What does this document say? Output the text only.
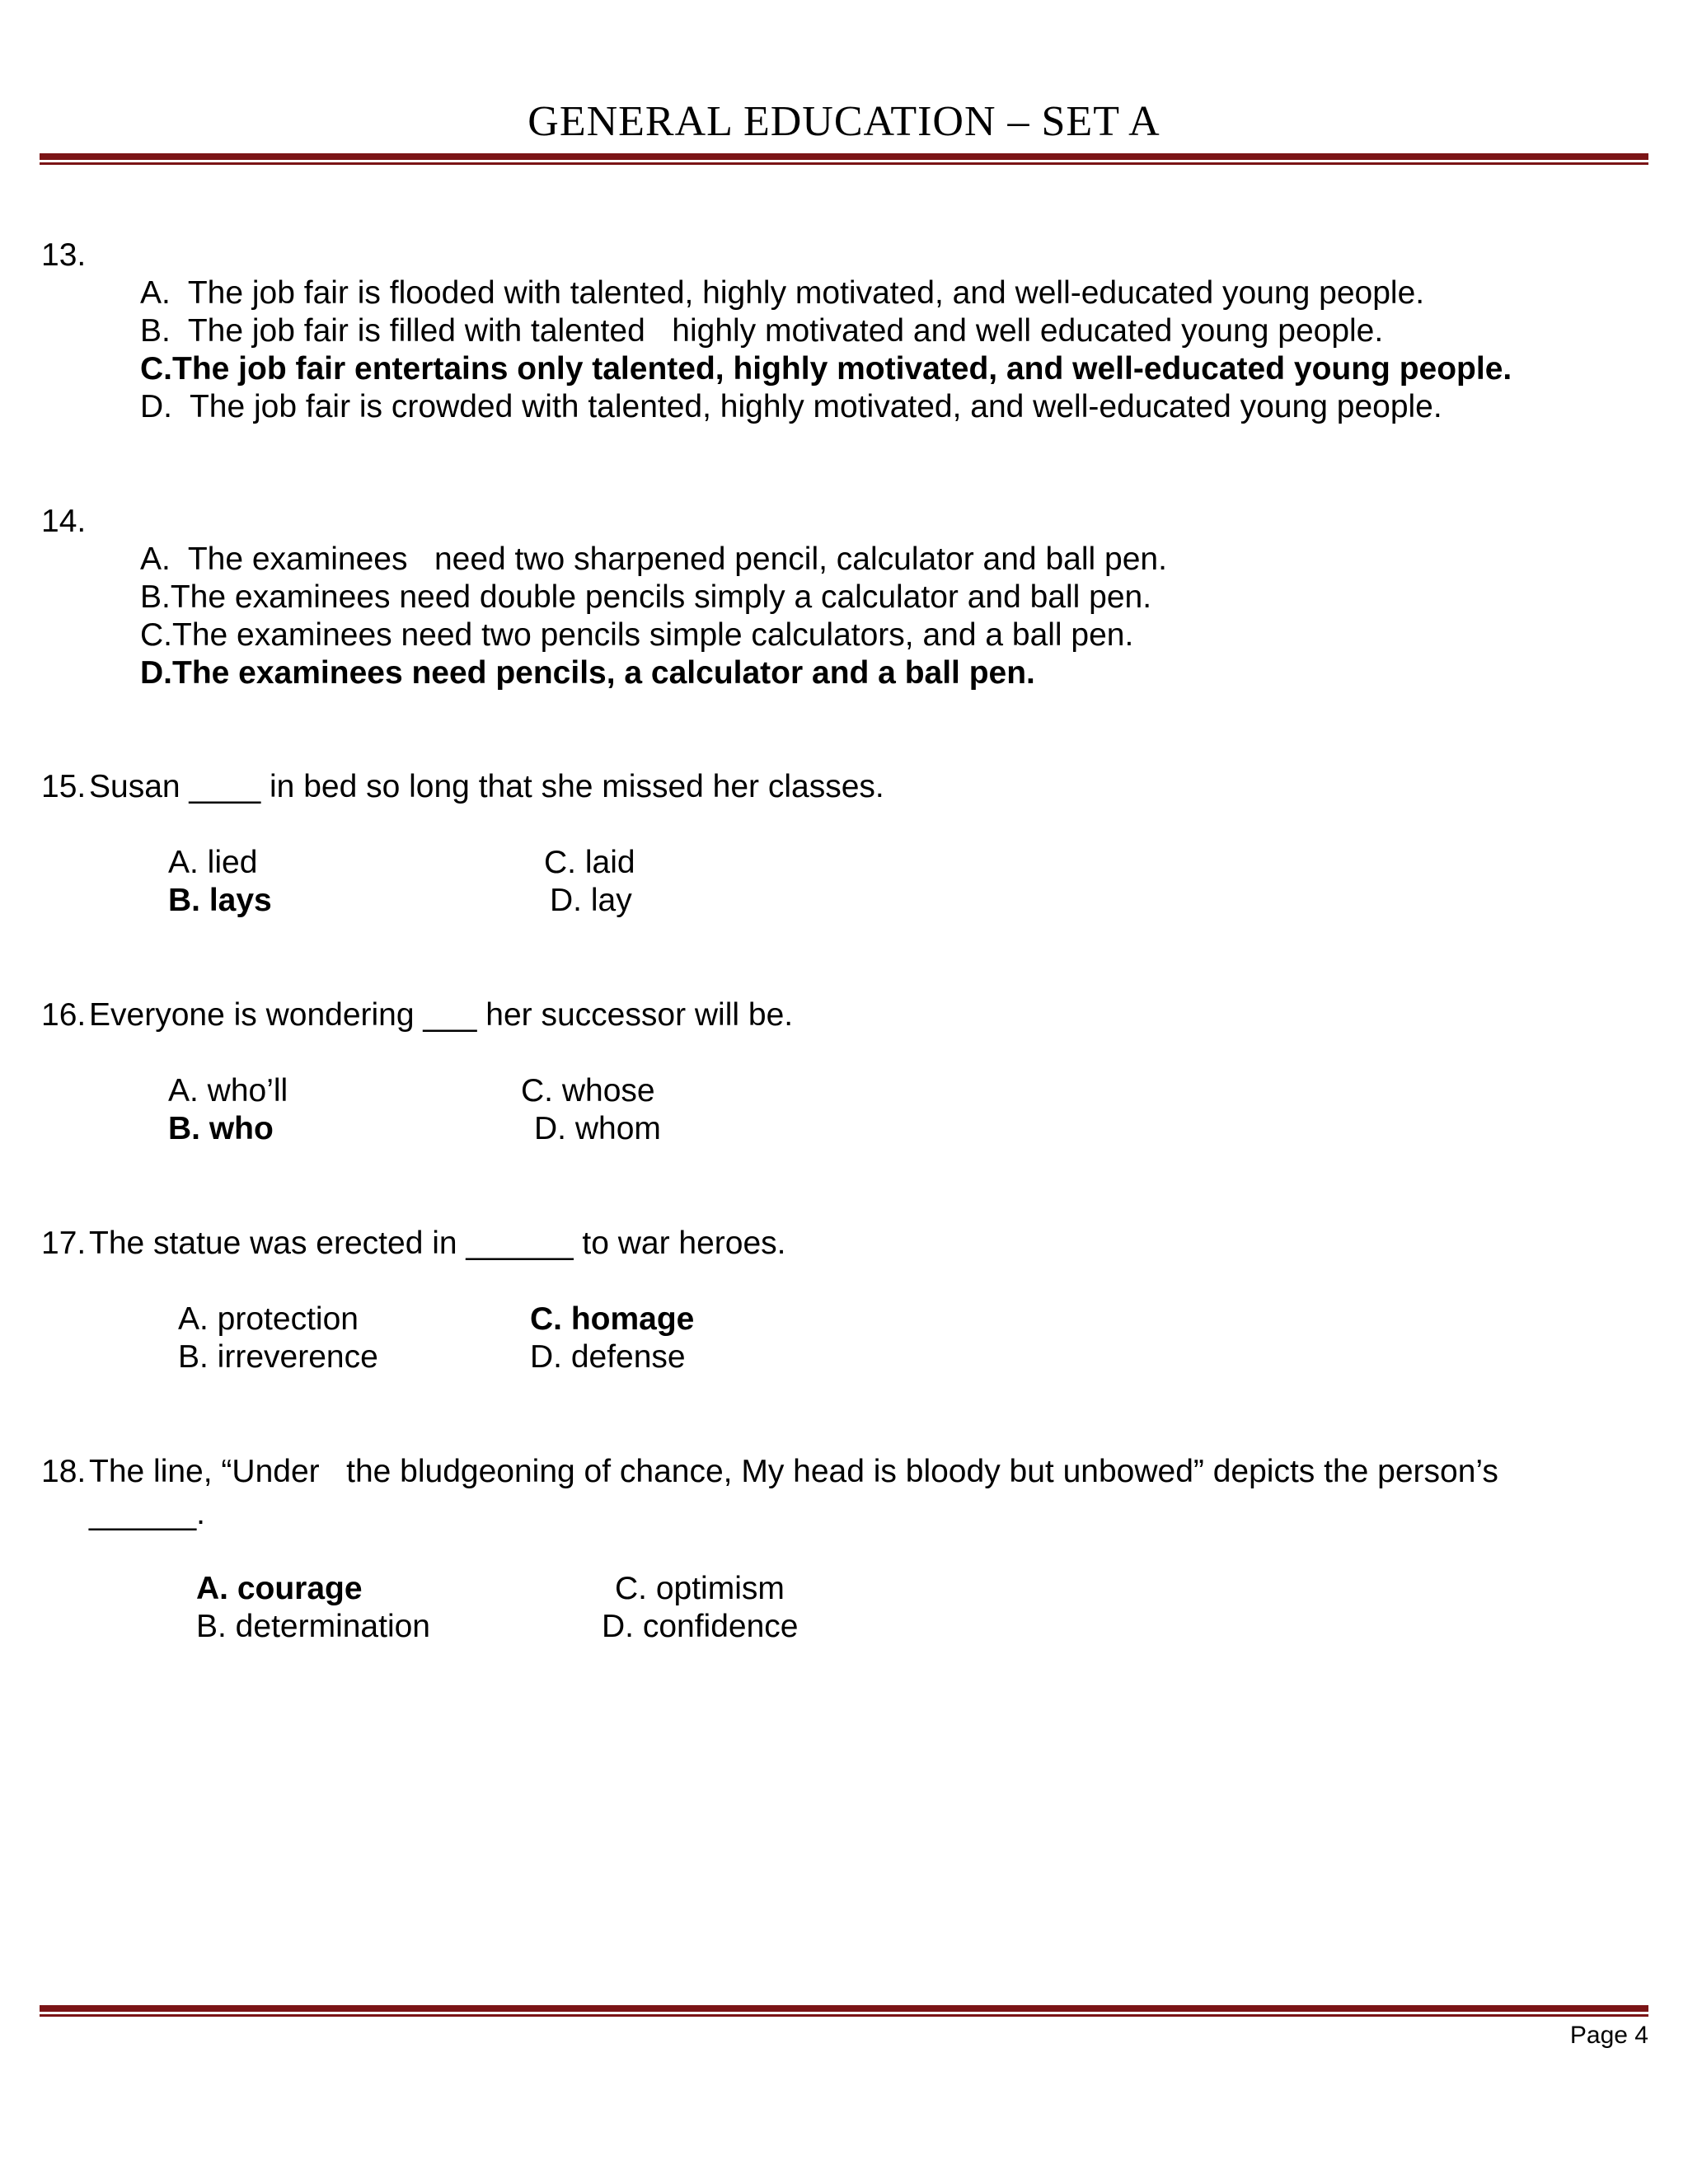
GENERAL EDUCATION – SET A
13.
A.  The job fair is flooded with talented, highly motivated, and well-educated young people.
B.  The job fair is filled with talented   highly motivated and well educated young people.
C.The job fair entertains only talented, highly motivated, and well-educated young people.
D.  The job fair is crowded with talented, highly motivated, and well-educated young people.
14.
A.  The examinees   need two sharpened pencil, calculator and ball pen.
B.The examinees need double pencils simply a calculator and ball pen.
C.The examinees need two pencils simple calculators, and a ball pen.
D.The examinees need pencils, a calculator and a ball pen.
15. Susan ____ in bed so long that she missed her classes.
A. lied
B. lays
C. laid
D. lay
16. Everyone is wondering ___ her successor will be.
A. who’ll
B. who
C. whose
D. whom
17. The statue was erected in ______ to war heroes.
A. protection
B. irreverence
C. homage
D. defense
18. The line, “Under   the bludgeoning of chance, My head is bloody but unbowed” depicts the person’s
______.
A. courage
B. determination
C. optimism
D. confidence
Page 4
